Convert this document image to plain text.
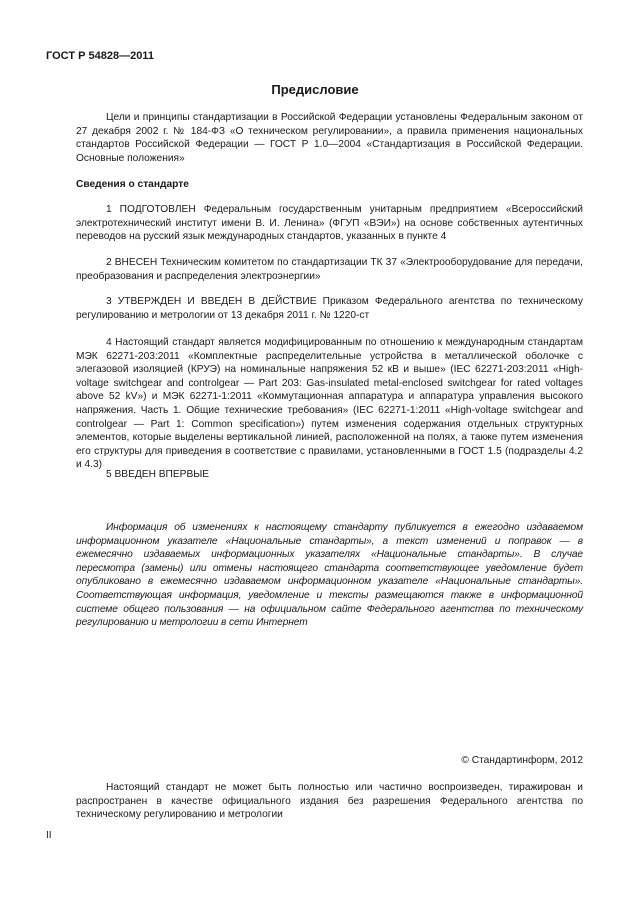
ГОСТ Р 54828—2011
Предисловие
Цели и принципы стандартизации в Российской Федерации установлены Федеральным законом от 27 декабря 2002 г. № 184-ФЗ «О техническом регулировании», а правила применения национальных стандартов Российской Федерации — ГОСТ Р 1.0—2004 «Стандартизация в Российской Федерации. Основные положения»
Сведения о стандарте
1 ПОДГОТОВЛЕН Федеральным государственным унитарным предприятием «Всероссийский электротехнический институт имени В. И. Ленина» (ФГУП «ВЭИ») на основе собственных аутентичных переводов на русский язык международных стандартов, указанных в пункте 4
2 ВНЕСЕН Техническим комитетом по стандартизации ТК 37 «Электрооборудование для передачи, преобразования и распределения электроэнергии»
3 УТВЕРЖДЕН И ВВЕДЕН В ДЕЙСТВИЕ Приказом Федерального агентства по техническому регулированию и метрологии от 13 декабря 2011 г. № 1220-ст
4 Настоящий стандарт является модифицированным по отношению к международным стандартам МЭК 62271-203:2011 «Комплектные распределительные устройства в металлической оболочке с элегазовой изоляцией (КРУЭ) на номинальные напряжения 52 кВ и выше» (IEC 62271-203:2011 «High-voltage switchgear and controlgear — Part 203: Gas-insulated metal-enclosed switchgear for rated voltages above 52 kV») и МЭК 62271-1:2011 «Коммутационная аппаратура и аппаратура управления высокого напряжения. Часть 1. Общие технические требования» (IEC 62271-1:2011 «High-voltage switchgear and controlgear — Part 1: Common specification») путем изменения содержания отдельных структурных элементов, которые выделены вертикальной линией, расположенной на полях, а также путем изменения его структуры для приведения в соответствие с правилами, установленными в ГОСТ 1.5 (подразделы 4.2 и 4.3)
5 ВВЕДЕН ВПЕРВЫЕ
Информация об изменениях к настоящему стандарту публикуется в ежегодно издаваемом информационном указателе «Национальные стандарты», а текст изменений и поправок — в ежемесячно издаваемых информационных указателях «Национальные стандарты». В случае пересмотра (замены) или отмены настоящего стандарта соответствующее уведомление будет опубликовано в ежемесячно издаваемом информационном указателе «Национальные стандарты». Соответствующая информация, уведомление и тексты размещаются также в информационной системе общего пользования — на официальном сайте Федерального агентства по техническому регулированию и метрологии в сети Интернет
© Стандартинформ, 2012
Настоящий стандарт не может быть полностью или частично воспроизведен, тиражирован и распространен в качестве официального издания без разрешения Федерального агентства по техническому регулированию и метрологии
II
